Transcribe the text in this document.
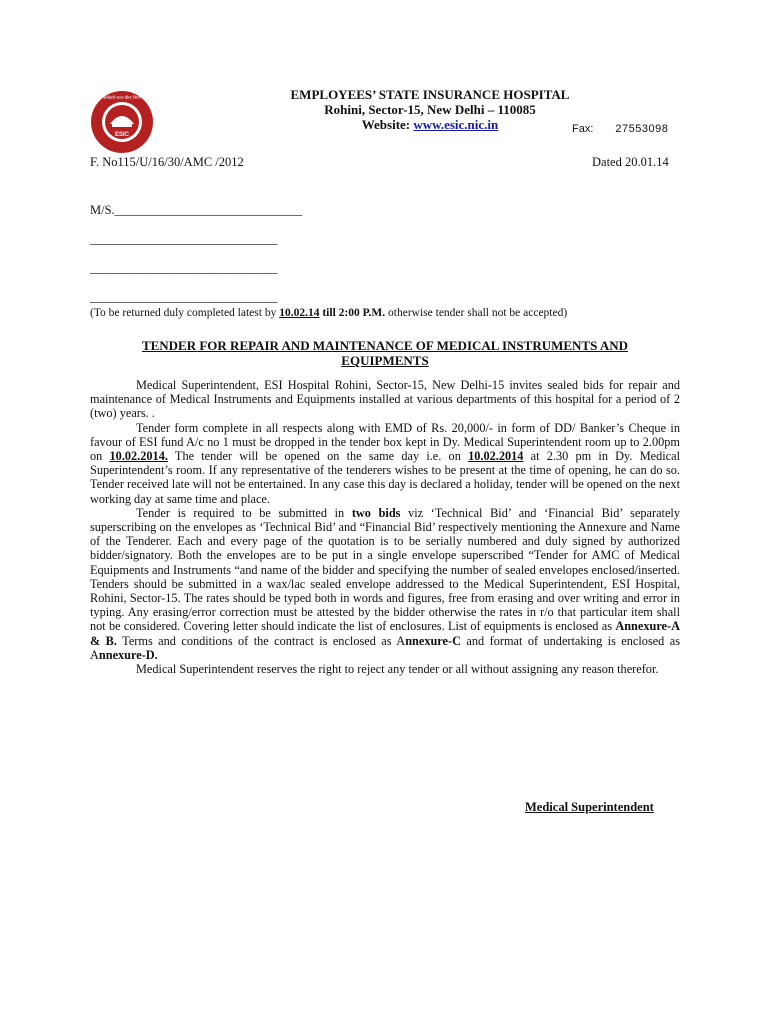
ESIC
कर्मचारी राज्य बीमा निगम	EMPLOYEES’ STATE INSURANCE HOSPITAL
Rohini, Sector-15, New Delhi – 110085
Website: www.esic.nic.in	Fax: 27553098
F. No115/U/16/30/AMC /2012	Dated 20.01.14
M/S.______________________________
______________________________
______________________________
______________________________
(To be returned duly completed latest by 10.02.14 till 2:00 P.M. otherwise tender shall not be accepted)
TENDER FOR REPAIR AND MAINTENANCE OF MEDICAL INSTRUMENTS AND
EQUIPMENTS

Medical Superintendent, ESI Hospital Rohini, Sector-15, New Delhi-15 invites sealed bids for repair and maintenance of Medical Instruments and Equipments installed at various departments of this hospital for a period of 2 (two) years. .

Tender form complete in all respects along with EMD of Rs. 20,000/- in form of DD/ Banker’s Cheque in favour of ESI fund A/c no 1 must be dropped in the tender box kept in Dy. Medical Superintendent room up to 2.00pm on 10.02.2014. The tender will be opened on the same day i.e. on 10.02.2014 at 2.30 pm in Dy. Medical Superintendent’s room. If any representative of the tenderers wishes to be present at the time of opening, he can do so. Tender received late will not be entertained. In any case this day is declared a holiday, tender will be opened on the next working day at same time and place.

Tender is required to be submitted in two bids viz ‘Technical Bid’ and ‘Financial Bid’ separately superscribing on the envelopes as ‘Technical Bid’ and “Financial Bid’ respectively mentioning the Annexure and Name of the Tenderer. Each and every page of the quotation is to be serially numbered and duly signed by authorized bidder/signatory. Both the envelopes are to be put in a single envelope superscribed “Tender for AMC of Medical Equipments and Instruments “and name of the bidder and specifying the number of sealed envelopes enclosed/inserted. Tenders should be submitted in a wax/lac sealed envelope addressed to the Medical Superintendent, ESI Hospital, Rohini, Sector-15. The rates should be typed both in words and figures, free from erasing and over writing and error in typing. Any erasing/error correction must be attested by the bidder otherwise the rates in r/o that particular item shall not be considered. Covering letter should indicate the list of enclosures. List of equipments is enclosed as Annexure-A & B. Terms and conditions of the contract is enclosed as Annexure-C and format of undertaking is enclosed as Annexure-D.

Medical Superintendent reserves the right to reject any tender or all without assigning any reason therefor.

Medical Superintendent
